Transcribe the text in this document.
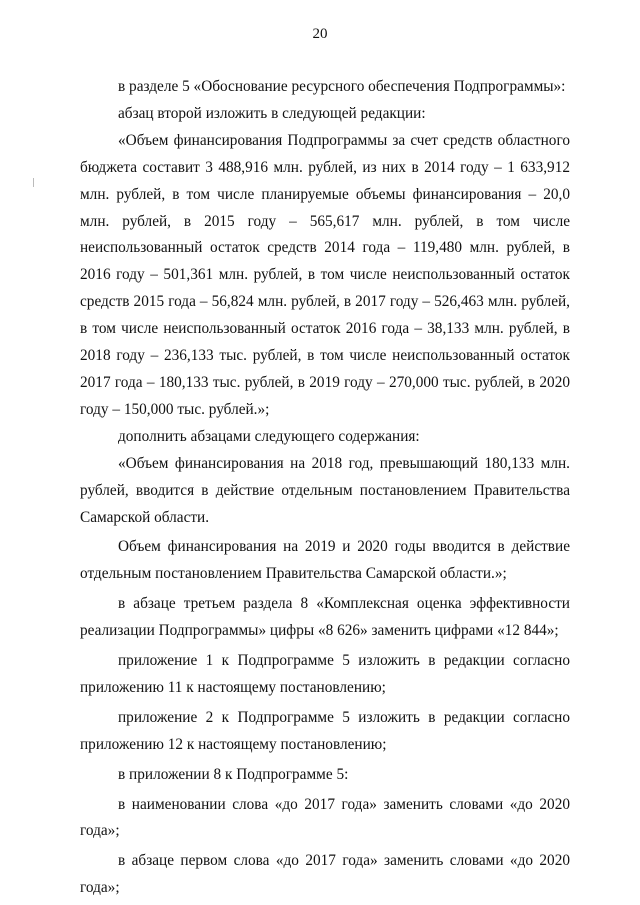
20

в разделе 5 «Обоснование ресурсного обеспечения Подпрограммы»:

абзац второй изложить в следующей редакции:

«Объем финансирования Подпрограммы за счет средств областного бюджета составит 3 488,916 млн. рублей, из них в 2014 году – 1 633,912 млн. рублей, в том числе планируемые объемы финансирования – 20,0 млн. рублей, в 2015 году – 565,617 млн. рублей, в том числе неиспользованный остаток средств 2014 года – 119,480 млн. рублей, в 2016 году – 501,361 млн. рублей, в том числе неиспользованный остаток средств 2015 года – 56,824 млн. рублей, в 2017 году – 526,463 млн. рублей, в том числе неиспользованный остаток 2016 года – 38,133 млн. рублей, в 2018 году – 236,133 тыс. рублей, в том числе неиспользованный остаток 2017 года – 180,133 тыс. рублей, в 2019 году – 270,000 тыс. рублей, в 2020 году – 150,000 тыс. рублей.»;

дополнить абзацами следующего содержания:

«Объем финансирования на 2018 год, превышающий 180,133 млн. рублей, вводится в действие отдельным постановлением Правительства Самарской области.

Объем финансирования на 2019 и 2020 годы вводится в действие отдельным постановлением Правительства Самарской области.»;

в абзаце третьем раздела 8 «Комплексная оценка эффективности реализации Подпрограммы» цифры «8 626» заменить цифрами «12 844»;

приложение 1 к Подпрограмме 5 изложить в редакции согласно приложению 11 к настоящему постановлению;

приложение 2 к Подпрограмме 5 изложить в редакции согласно приложению 12 к настоящему постановлению;

в приложении 8 к Подпрограмме 5:

в наименовании слова «до 2017 года» заменить словами «до 2020 года»;

в абзаце первом слова «до 2017 года» заменить словами «до 2020 года»;
